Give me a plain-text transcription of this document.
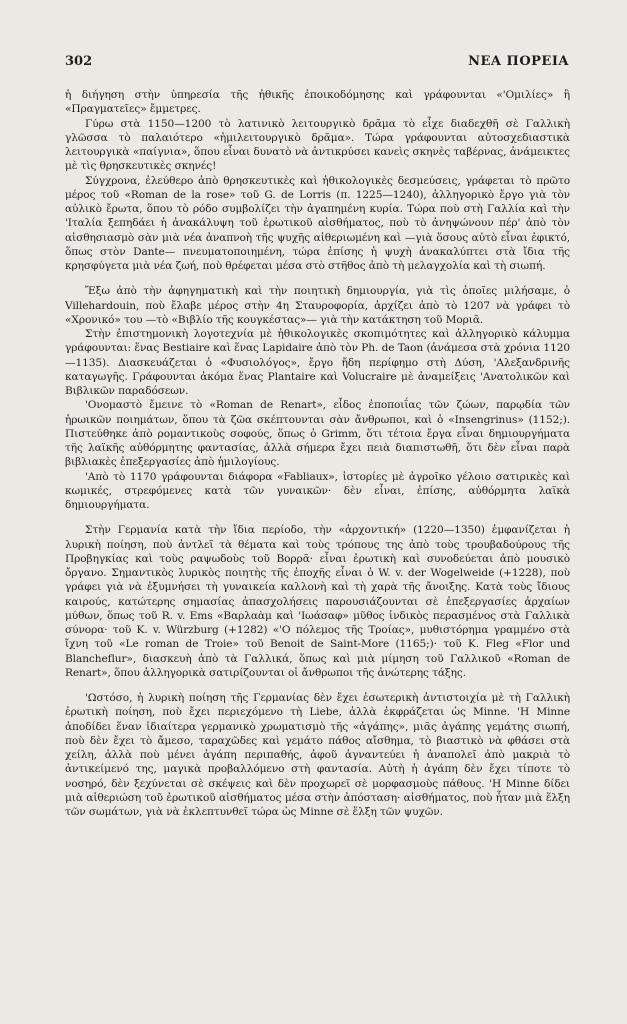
302	ΝΕΑ ΠΟΡΕΙΑ

ἡ διήγηση στὴν ὑπηρεσία τῆς ἠθικῆς ἐποικοδόμησης καὶ γράφουνται «'Ομιλίες» ἢ «Πραγματεῖες» ἔμμετρες.

Γύρω στὰ 1150—1200 τὸ λατινικὸ λειτουργικὸ δρᾶμα τὸ εἶχε διαδεχθῆ σὲ Γαλλικὴ γλῶσσα τὸ παλαιότερο «ἡμιλειτουργικὸ δρᾶμα». Τώρα γράφουνται αὐτοσχεδιαστικὰ λειτουργικὰ «παίγνια», ὅπου εἶναι δυνατὸ νὰ ἀντικρύσει κανεὶς σκηνὲς ταβέρνας, ἀνάμεικτες μὲ τὶς θρησκευτικὲς σκηνές!

Σύγχρονα, ἐλεύθερο ἀπὸ θρησκευτικὲς καὶ ἠθικολογικὲς δεσμεύσεις, γράφεται τὸ πρῶτο μέρος τοῦ «Roman de la rose» τοῦ G. de Lorris (π. 1225—1240), ἀλληγορικὸ ἔργο γιὰ τὸν αὐλικὸ ἔρωτα, ὅπου τὸ ρόδο συμβολίζει τὴν ἀγαπημένη κυρία. Τώρα ποὺ στὴ Γαλλία καὶ τὴν 'Ιταλία ξεπηδάει ἡ ἀνακάλυψη τοῦ ἐρωτικοῦ αἰσθήματος, ποὺ τὸ ἀνηψώνουν πέρ' ἀπὸ τὸν αἰσθησιασμὸ σὰν μιὰ νέα ἀναπνοὴ τῆς ψυχῆς αἰθεριωμένη καὶ —γιὰ ὅσους αὐτὸ εἶναι ἐφικτό, ὅπως στὸν Dante— πνευματοποιημένη, τώρα ἐπίσης ἡ ψυχὴ ἀνακαλύπτει στὰ ἴδια τῆς κρησφύγετα μιὰ νέα ζωή, ποὺ θρέφεται μέσα στὸ στῆθος ἀπὸ τὴ μελαγχολία καὶ τὴ σιωπή.

Ἔξω ἀπὸ τὴν ἀφηγηματικὴ καὶ τὴν ποιητικὴ δημιουργία, γιὰ τὶς ὁποῖες μιλήσαμε, ὁ Villehardouin, ποὺ ἔλαβε μέρος στὴν 4η Σταυροφορία, ἀρχίζει ἀπὸ τὸ 1207 νὰ γράφει τὸ «Χρονικό» του —τὸ «Βιβλίο τῆς κουγκέστας»— γιὰ τὴν κατάκτηση τοῦ Μοριᾶ.

Στὴν ἐπιστημονικὴ λογοτεχνία μὲ ἠθικολογικὲς σκοπιμότητες καὶ ἀλληγορικὸ κάλυμμα γράφουνται: ἕνας Bestiaire καὶ ἕνας Lapidaire ἀπὸ τὸν Ph. de Taon (ἀνάμεσα στὰ χρόνια 1120—1135). Διασκευάζεται ὁ «Φυσιολόγος», ἔργο ἤδη περίφημο στὴ Δύση, 'Αλεξανδρινῆς καταγωγῆς. Γράφουνται ἀκόμα ἕνας Plantaire καὶ Volucraire μὲ ἀναμείξεις 'Ανατολικῶν καὶ Βιβλικῶν παραδόσεων.

'Ονομαστὸ ἔμεινε τὸ «Roman de Renart», εἶδος ἐποποιΐας τῶν ζώων, παρῳδία τῶν ἡρωικῶν ποιημάτων, ὅπου τὰ ζῶα σκέπτουνται σὰν ἄνθρωποι, καὶ ὁ «Insengrinus» (1152;). Πιστεύθηκε ἀπὸ ρομαντικοὺς σοφούς, ὅπως ὁ Grimm, ὅτι τέτοια ἔργα εἶναι δημιουργήματα τῆς λαϊκῆς αὐθόρμητης φαντασίας, ἀλλὰ σήμερα ἔχει πειὰ διαπιστωθῆ, ὅτι δὲν εἶναι παρὰ βιβλιακὲς ἐπεξεργασίες ἀπὸ ἡμιλογίους.

'Απὸ τὸ 1170 γράφουνται διάφορα «Fabliaux», ἱστορίες μὲ ἀγροῖκο γέλοιο σατιρικὲς καὶ κωμικές, στρεφόμενες κατὰ τῶν γυναικῶν· δὲν εἶναι, ἐπίσης, αὐθόρμητα λαϊκὰ δημιουργήματα.

Στὴν Γερμανία κατὰ τὴν ἴδια περίοδο, τὴν «ἀρχοντική» (1220—1350) ἐμφανίζεται ἡ λυρικὴ ποίηση, ποὺ ἀντλεῖ τὰ θέματα καὶ τοὺς τρόπους της ἀπὸ τοὺς τρουβαδούρους τῆς Προβηγκίας καὶ τοὺς ραψωδοὺς τοῦ Βορρᾶ· εἶναι ἐρωτικὴ καὶ συνοδεύεται ἀπὸ μουσικὸ ὄργανο. Σημαντικὸς λυρικὸς ποιητὴς τῆς ἐποχῆς εἶναι ὁ W. v. der Wogelweide (+1228), ποὺ γράφει γιὰ νὰ ἐξυμνήσει τὴ γυναικεία καλλονὴ καὶ τὴ χαρὰ τῆς ἄνοιξης. Κατὰ τοὺς ἴδιους καιρούς, κατώτερης σημασίας ἀπασχολήσεις παρουσιάζουνται σὲ ἐπεξεργασίες ἀρχαίων μύθων, ὅπως τοῦ R. v. Ems «Βαρλαὰμ καὶ 'Ιωάσαφ» μῦθος ἰνδικὸς περασμένος στὰ Γαλλικὰ σύνορα· τοῦ K. v. Würzburg (+1282) «'Ο πόλεμος τῆς Τροίας», μυθιστόρημα γραμμένο στὰ ἴχνη τοῦ «Le roman de Troie» τοῦ Benoit de Saint-More (1165;)· τοῦ K. Fleg «Flor und Blancheflur», διασκευὴ ἀπὸ τὰ Γαλλικά, ὅπως καὶ μιὰ μίμηση τοῦ Γαλλικοῦ «Roman de Renart», ὅπου ἀλληγορικὰ σατιρίζουνται οἱ ἄνθρωποι τῆς ἀνώτερης τάξης.

'Ωστόσο, ἡ λυρικὴ ποίηση τῆς Γερμανίας δὲν ἔχει ἐσωτερικὴ ἀντιστοιχία μὲ τὴ Γαλλικὴ ἐρωτικὴ ποίηση, ποὺ ἔχει περιεχόμενο τὴ Liebe, ἀλλὰ ἐκφράζεται ὡς Minne. 'Η Minne ἀποδίδει ἕναν ἰδιαίτερα γερμανικὸ χρωματισμὸ τῆς «ἀγάπης», μιᾶς ἀγάπης γεμάτης σιωπή, ποὺ δὲν ἔχει τὸ ἄμεσο, ταραχῶδες καὶ γεμάτο πάθος αἴσθημα, τὸ βιαστικὸ νὰ φθάσει στὰ χείλη, ἀλλὰ ποὺ μένει ἀγάπη περιπαθής, ἀφοῦ ἀγναντεύει ἡ ἀναπολεῖ ἀπὸ μακριὰ τὸ ἀντικείμενό της, μαγικὰ προβαλλόμενο στὴ φαντασία. Αὐτὴ ἡ ἀγάπη δὲν ἔχει τίποτε τὸ νοσηρό, δὲν ξεχύνεται σὲ σκέψεις καὶ δὲν προχωρεῖ σὲ μορφασμοὺς πάθους. 'Η Minne δίδει μιὰ αἰθεριώση τοῦ ἐρωτικοῦ αἰσθήματος μέσα στὴν ἀπόσταση· αἰσθήματος, ποὺ ἦταν μιὰ ἕλξη τῶν σωμάτων, γιὰ νὰ ἐκλεπτυνθεῖ τώρα ὡς Minne σὲ ἕλξη τῶν ψυχῶν.
